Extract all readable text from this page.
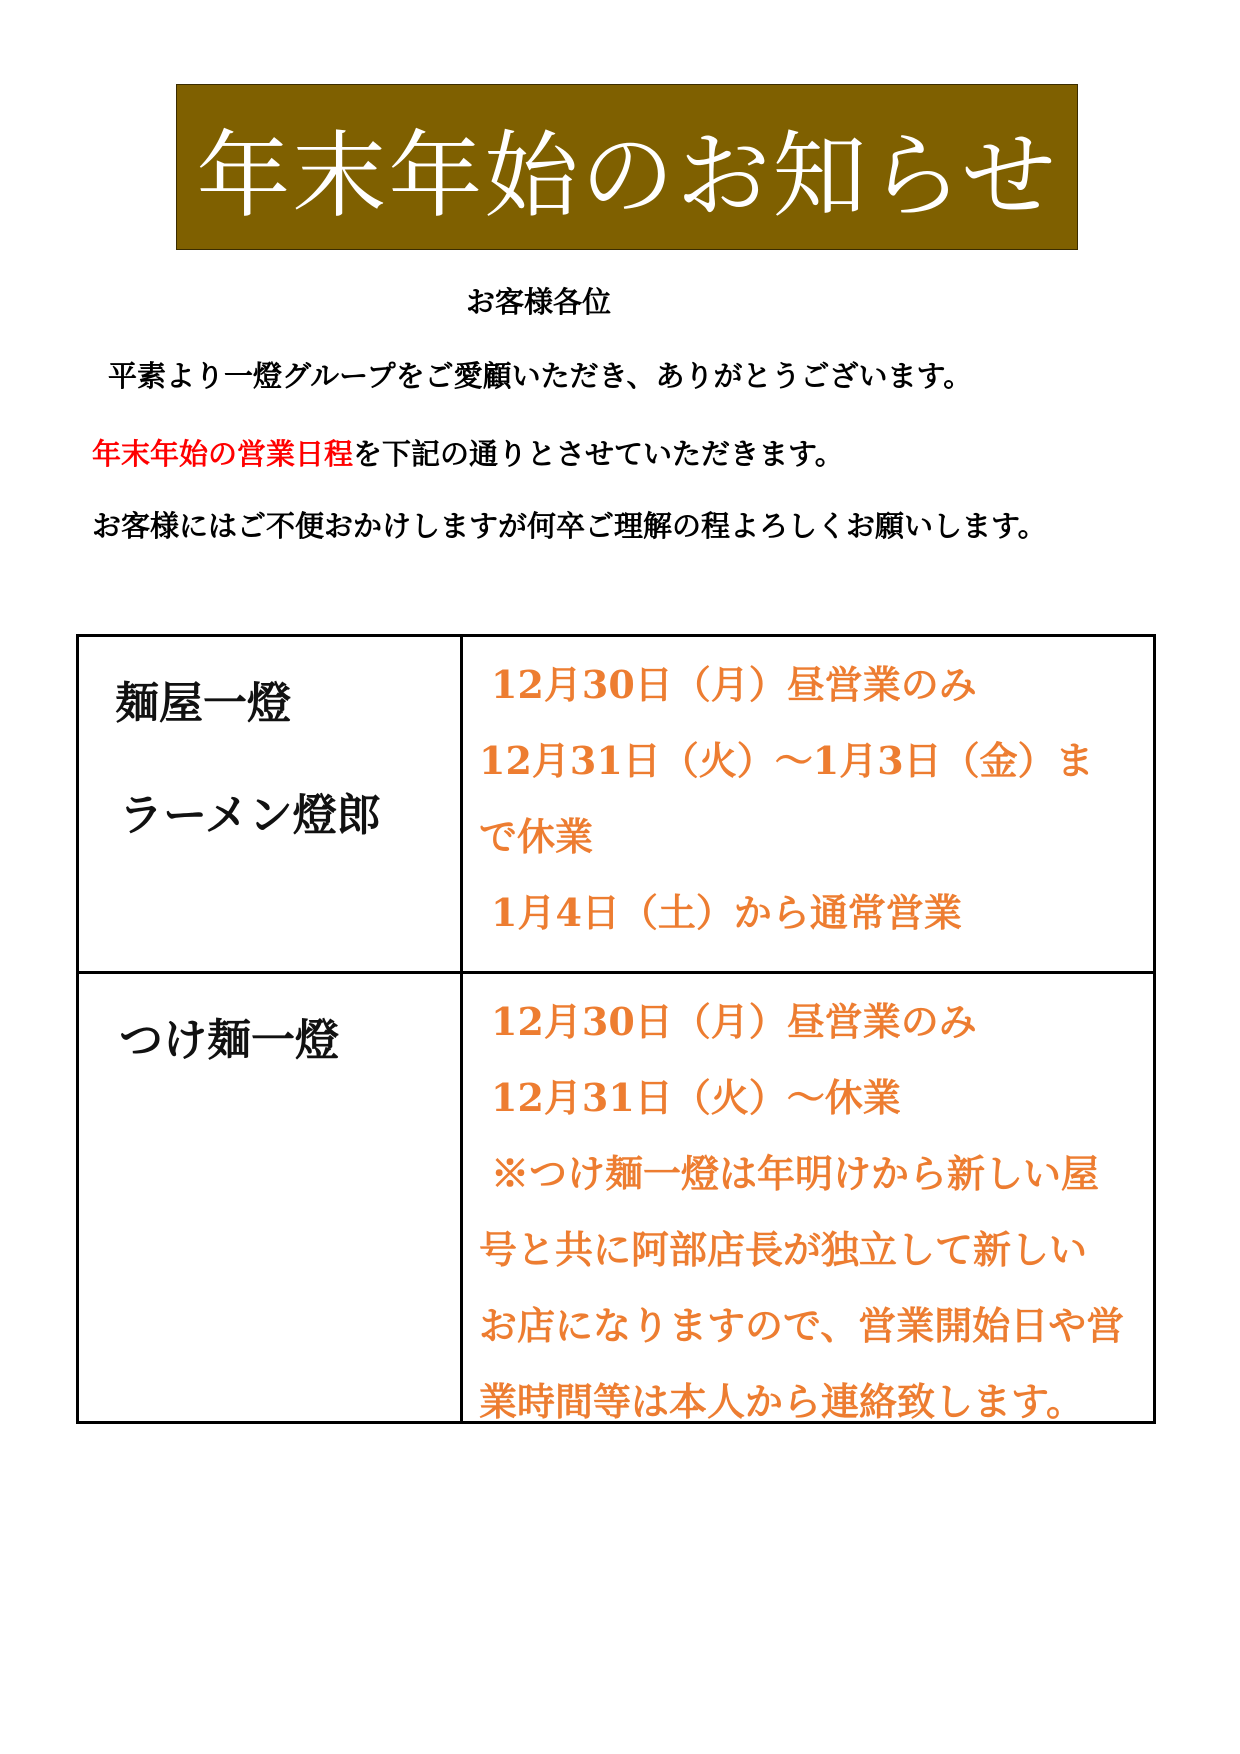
年末年始のお知らせ
お客様各位
平素より一燈グループをご愛顧いただき、ありがとうございます。
年末年始の営業日程を下記の通りとさせていただきます。
お客様にはご不便おかけしますが何卒ご理解の程よろしくお願いします。
麺屋一燈
ラーメン燈郎
12月30日（月）昼営業のみ
12月31日（火）～1月3日（金）ま
で休業
1月4日（土）から通常営業
つけ麺一燈	12月30日（月）昼営業のみ
12月31日（火）～休業
※つけ麺一燈は年明けから新しい屋
号と共に阿部店長が独立して新しい
お店になりますので、営業開始日や営
業時間等は本人から連絡致します。
